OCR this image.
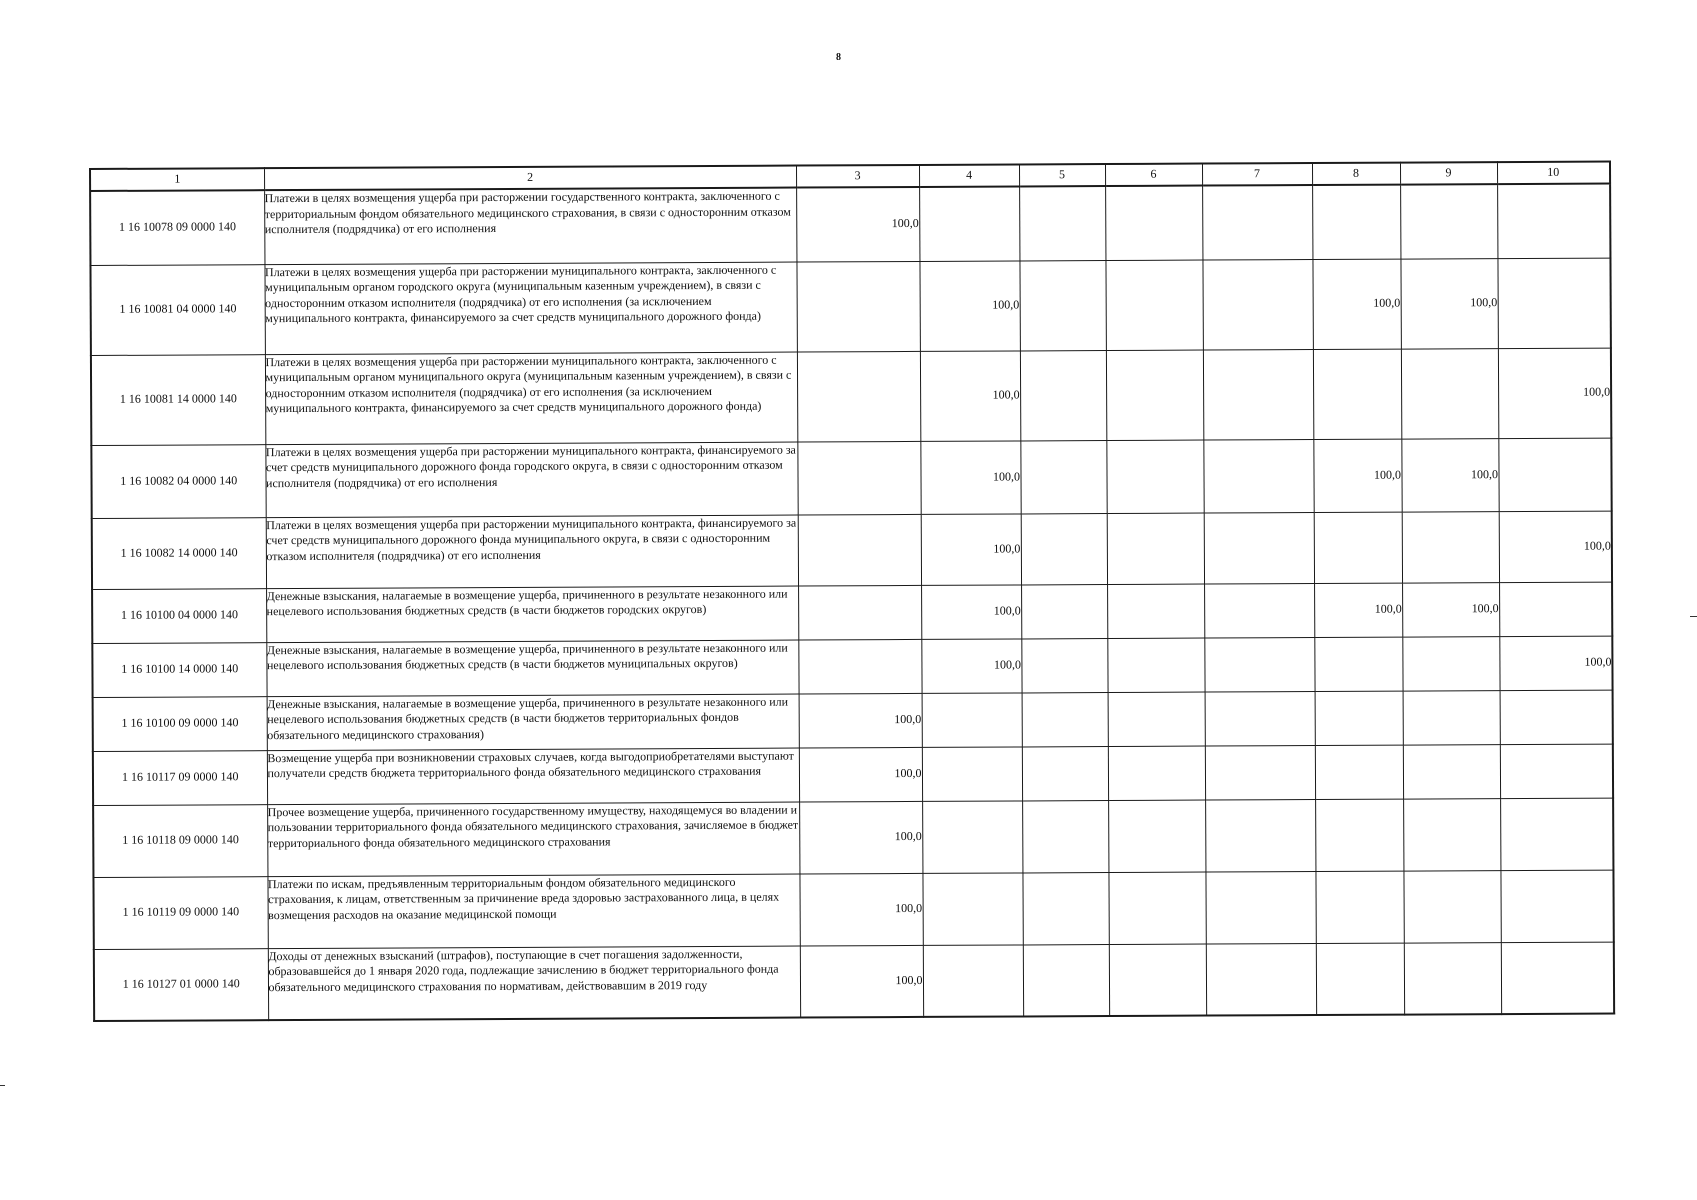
8
1	2	3	4	5	6	7	8	9	10
1 16 10078 09 0000 140	Платежи в целях возмещения ущерба при расторжении государственного контракта, заключенного с территориальным фондом обязательного медицинского страхования, в связи с односторонним отказом исполнителя (подрядчика) от его исполнения	100,0							
1 16 10081 04 0000 140	Платежи в целях возмещения ущерба при расторжении муниципального контракта, заключенного с муниципальным органом городского округа (муниципальным казенным учреждением), в связи с односторонним отказом исполнителя (подрядчика) от его исполнения (за исключением муниципального контракта, финансируемого за счет средств муниципального дорожного фонда)		100,0				100,0	100,0	
1 16 10081 14 0000 140	Платежи в целях возмещения ущерба при расторжении муниципального контракта, заключенного с муниципальным органом муниципального округа (муниципальным казенным учреждением), в связи с односторонним отказом исполнителя (подрядчика) от его исполнения (за исключением муниципального контракта, финансируемого за счет средств муниципального дорожного фонда)		100,0						100,0
1 16 10082 04 0000 140	Платежи в целях возмещения ущерба при расторжении муниципального контракта, финансируемого за счет средств муниципального дорожного фонда городского округа, в связи с односторонним отказом исполнителя (подрядчика) от его исполнения		100,0				100,0	100,0	
1 16 10082 14 0000 140	Платежи в целях возмещения ущерба при расторжении муниципального контракта, финансируемого за счет средств муниципального дорожного фонда муниципального округа, в связи с односторонним отказом исполнителя (подрядчика) от его исполнения		100,0						100,0
1 16 10100 04 0000 140	Денежные взыскания, налагаемые в возмещение ущерба, причиненного в результате незаконного или нецелевого использования бюджетных средств (в части бюджетов городских округов)		100,0				100,0	100,0	
1 16 10100 14 0000 140	Денежные взыскания, налагаемые в возмещение ущерба, причиненного в результате незаконного или нецелевого использования бюджетных средств (в части бюджетов муниципальных округов)		100,0						100,0
1 16 10100 09 0000 140	Денежные взыскания, налагаемые в возмещение ущерба, причиненного в результате незаконного или нецелевого использования бюджетных средств (в части бюджетов территориальных фондов обязательного медицинского страхования)	100,0							
1 16 10117 09 0000 140	Возмещение ущерба при возникновении страховых случаев, когда выгодоприобретателями выступают получатели средств бюджета территориального фонда обязательного медицинского страхования	100,0							
1 16 10118 09 0000 140	Прочее возмещение ущерба, причиненного государственному имуществу, находящемуся во владении и пользовании территориального фонда обязательного медицинского страхования, зачисляемое в бюджет территориального фонда обязательного медицинского страхования	100,0							
1 16 10119 09 0000 140	Платежи по искам, предъявленным территориальным фондом обязательного медицинского страхования, к лицам, ответственным за причинение вреда здоровью застрахованного лица, в целях возмещения расходов на оказание медицинской помощи	100,0							
1 16 10127 01 0000 140	Доходы от денежных взысканий (штрафов), поступающие в счет погашения задолженности, образовавшейся до 1 января 2020 года, подлежащие зачислению в бюджет территориального фонда обязательного медицинского страхования по нормативам, действовавшим в 2019 году	100,0							
